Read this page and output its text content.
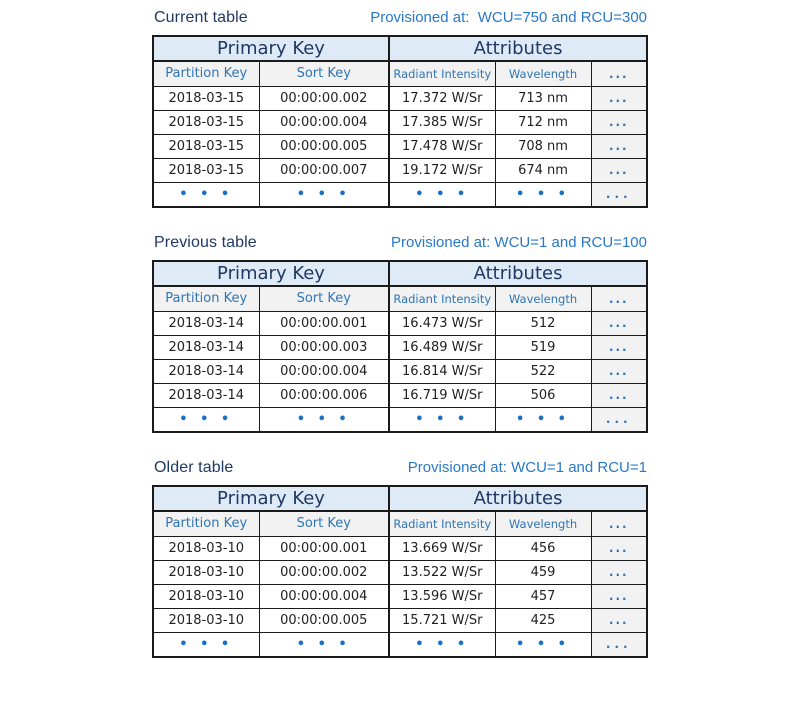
Current table	Provisioned at:  WCU=750 and RCU=300
Primary Key		Attributes		
Partition Key	Sort Key	Radiant Intensity	Wavelength	...
2018-03-15	00:00:00.002	17.372 W/Sr	713 nm	...
2018-03-15	00:00:00.004	17.385 W/Sr	712 nm	...
2018-03-15	00:00:00.005	17.478 W/Sr	708 nm	...
2018-03-15	00:00:00.007	19.172 W/Sr	674 nm	...
• • •	• • •	• • •	• • •	...
Previous table	Provisioned at: WCU=1 and RCU=100
Primary Key		Attributes		
Partition Key	Sort Key	Radiant Intensity	Wavelength	...
2018-03-14	00:00:00.001	16.473 W/Sr	512	...
2018-03-14	00:00:00.003	16.489 W/Sr	519	...
2018-03-14	00:00:00.004	16.814 W/Sr	522	...
2018-03-14	00:00:00.006	16.719 W/Sr	506	...
• • •	• • •	• • •	• • •	...
Older table	Provisioned at: WCU=1 and RCU=1
Primary Key		Attributes		
Partition Key	Sort Key	Radiant Intensity	Wavelength	...
2018-03-10	00:00:00.001	13.669 W/Sr	456	...
2018-03-10	00:00:00.002	13.522 W/Sr	459	...
2018-03-10	00:00:00.004	13.596 W/Sr	457	...
2018-03-10	00:00:00.005	15.721 W/Sr	425	...
• • •	• • •	• • •	• • •	...
